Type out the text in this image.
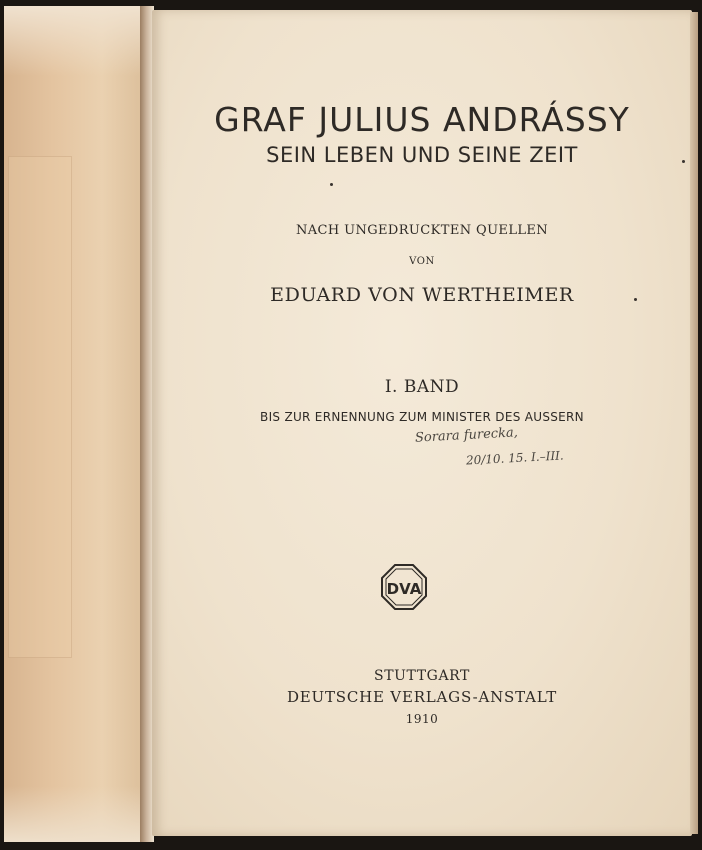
GRAF JULIUS ANDRÁSSY
SEIN LEBEN UND SEINE ZEIT
NACH UNGEDRUCKTEN QUELLEN
VON
EDUARD VON WERTHEIMER
I. BAND
BIS ZUR ERNENNUNG ZUM MINISTER DES AUSSERN
Sorara furecka,
20/10. 15. I.–III.
DVA
STUTTGART
DEUTSCHE VERLAGS-ANSTALT
1910
